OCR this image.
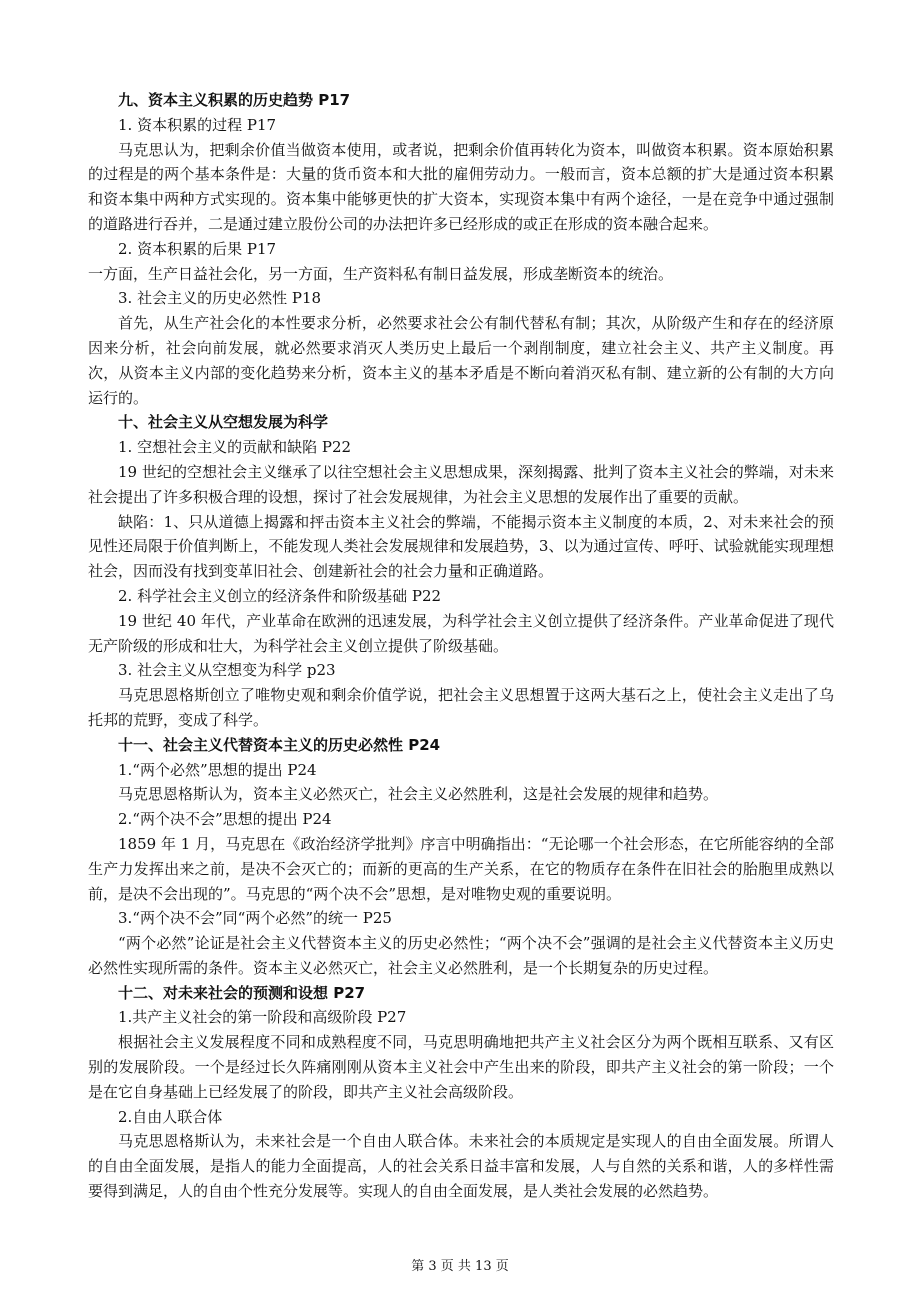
九、资本主义积累的历史趋势 P17

1. 资本积累的过程 P17

马克思认为，把剩余价值当做资本使用，或者说，把剩余价值再转化为资本，叫做资本积累。资本原始积累的过程是的两个基本条件是：大量的货币资本和大批的雇佣劳动力。一般而言，资本总额的扩大是通过资本积累和资本集中两种方式实现的。资本集中能够更快的扩大资本，实现资本集中有两个途径，一是在竞争中通过强制的道路进行吞并，二是通过建立股份公司的办法把许多已经形成的或正在形成的资本融合起来。

2. 资本积累的后果 P17

一方面，生产日益社会化，另一方面，生产资料私有制日益发展，形成垄断资本的统治。

3. 社会主义的历史必然性 P18

首先，从生产社会化的本性要求分析，必然要求社会公有制代替私有制；其次，从阶级产生和存在的经济原因来分析，社会向前发展，就必然要求消灭人类历史上最后一个剥削制度，建立社会主义、共产主义制度。再次，从资本主义内部的变化趋势来分析，资本主义的基本矛盾是不断向着消灭私有制、建立新的公有制的大方向运行的。

十、社会主义从空想发展为科学

1. 空想社会主义的贡献和缺陷 P22

19 世纪的空想社会主义继承了以往空想社会主义思想成果，深刻揭露、批判了资本主义社会的弊端，对未来社会提出了许多积极合理的设想，探讨了社会发展规律，为社会主义思想的发展作出了重要的贡献。

缺陷：1、只从道德上揭露和抨击资本主义社会的弊端，不能揭示资本主义制度的本质，2、对未来社会的预见性还局限于价值判断上，不能发现人类社会发展规律和发展趋势，3、以为通过宣传、呼吁、试验就能实现理想社会，因而没有找到变革旧社会、创建新社会的社会力量和正确道路。

2. 科学社会主义创立的经济条件和阶级基础 P22

19 世纪 40 年代，产业革命在欧洲的迅速发展，为科学社会主义创立提供了经济条件。产业革命促进了现代无产阶级的形成和壮大，为科学社会主义创立提供了阶级基础。

3. 社会主义从空想变为科学 p23

马克思恩格斯创立了唯物史观和剩余价值学说，把社会主义思想置于这两大基石之上，使社会主义走出了乌托邦的荒野，变成了科学。

十一、社会主义代替资本主义的历史必然性 P24

1.“两个必然”思想的提出 P24

马克思恩格斯认为，资本主义必然灭亡，社会主义必然胜利，这是社会发展的规律和趋势。

2.“两个决不会”思想的提出 P24

1859 年 1 月，马克思在《政治经济学批判》序言中明确指出：“无论哪一个社会形态，在它所能容纳的全部生产力发挥出来之前，是决不会灭亡的；而新的更高的生产关系，在它的物质存在条件在旧社会的胎胞里成熟以前，是决不会出现的”。马克思的“两个决不会”思想，是对唯物史观的重要说明。

3.“两个决不会”同“两个必然”的统一 P25

“两个必然”论证是社会主义代替资本主义的历史必然性；“两个决不会”强调的是社会主义代替资本主义历史必然性实现所需的条件。资本主义必然灭亡，社会主义必然胜利，是一个长期复杂的历史过程。

十二、对未来社会的预测和设想 P27

1.共产主义社会的第一阶段和高级阶段 P27

根据社会主义发展程度不同和成熟程度不同，马克思明确地把共产主义社会区分为两个既相互联系、又有区别的发展阶段。一个是经过长久阵痛刚刚从资本主义社会中产生出来的阶段，即共产主义社会的第一阶段；一个是在它自身基础上已经发展了的阶段，即共产主义社会高级阶段。

2.自由人联合体

马克思恩格斯认为，未来社会是一个自由人联合体。未来社会的本质规定是实现人的自由全面发展。所谓人的自由全面发展，是指人的能力全面提高，人的社会关系日益丰富和发展，人与自然的关系和谐，人的多样性需要得到满足，人的自由个性充分发展等。实现人的自由全面发展，是人类社会发展的必然趋势。

第 3 页 共 13 页
